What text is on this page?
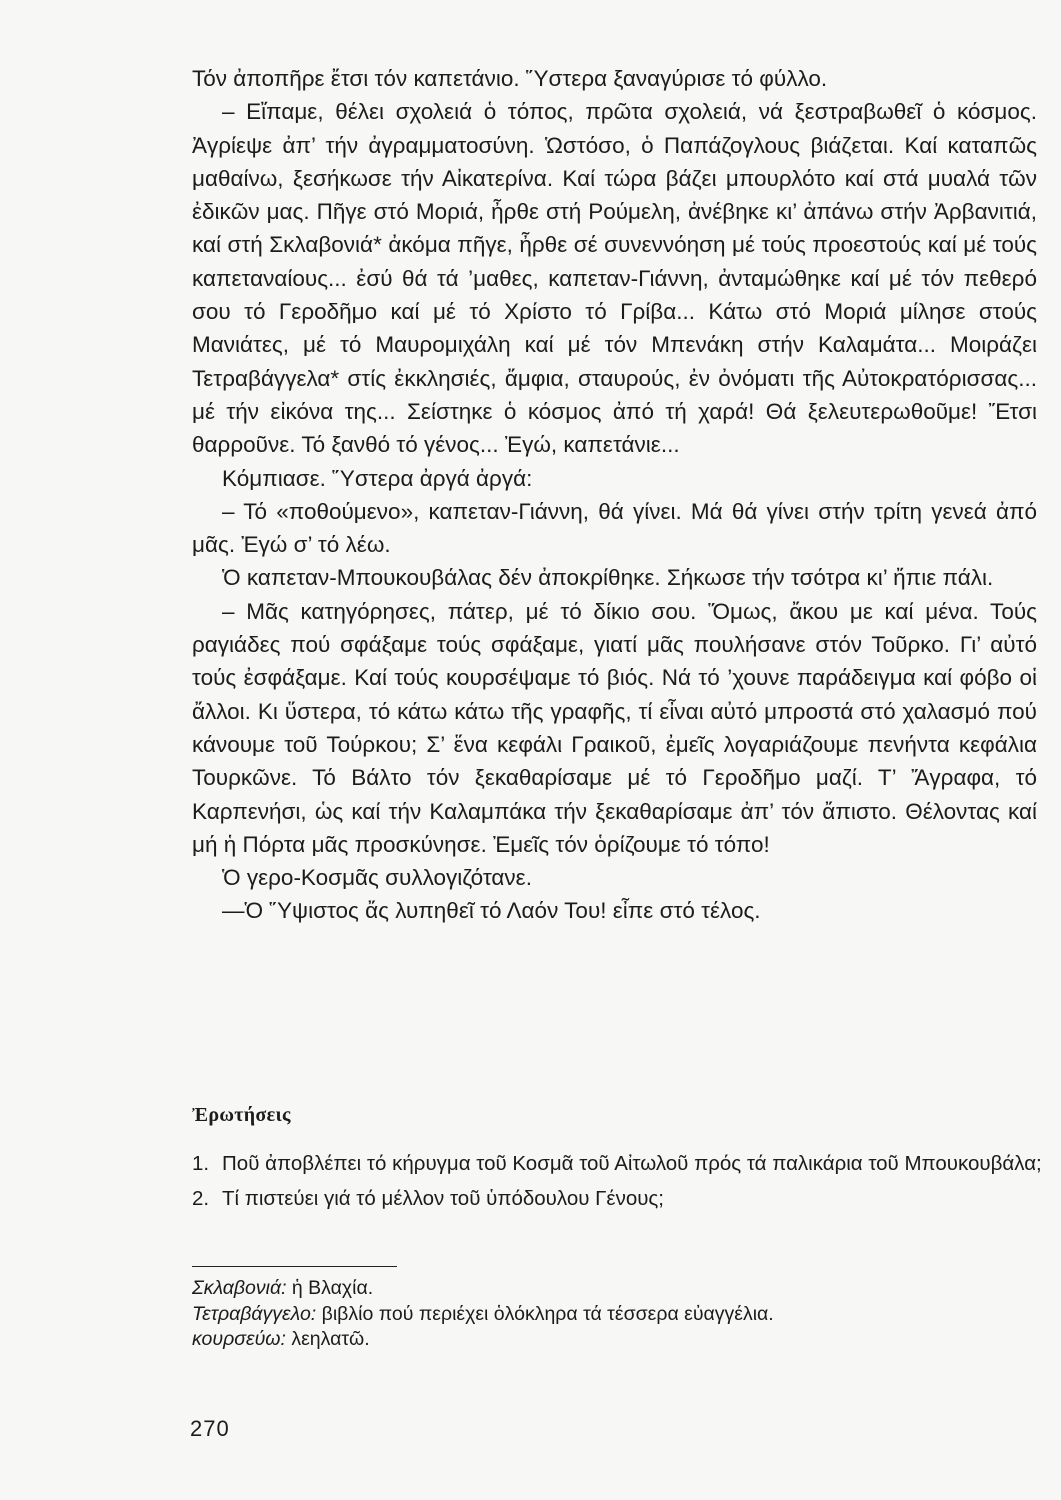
Τόν ἀποπῆρε ἔτσι τόν καπετάνιο. Ὕστερα ξαναγύρισε τό φύλλο.

– Εἴπαμε, θέλει σχολειά ὁ τόπος, πρῶτα σχολειά, νά ξεστραβωθεῖ ὁ κόσμος. Ἀγρίεψε ἀπ’ τήν ἀγραμματοσύνη. Ὡστόσο, ὁ Παπάζογλους βιάζεται. Καί καταπῶς μαθαίνω, ξεσήκωσε τήν Αἰκατερίνα. Καί τώρα βάζει μπουρλότο καί στά μυαλά τῶν ἐδικῶν μας. Πῆγε στό Μοριά, ἦρθε στή Ρούμελη, ἀνέβηκε κι’ ἀπάνω στήν Ἀρβανιτιά, καί στή Σκλαβονιά* ἀκόμα πῆγε, ἦρθε σέ συνεννόηση μέ τούς προεστούς καί μέ τούς καπεταναίους... ἐσύ θά τά ’μαθες, καπεταν-Γιάννη, ἀνταμώθηκε καί μέ τόν πεθερό σου τό Γεροδῆμο καί μέ τό Χρίστο τό Γρίβα... Κάτω στό Μοριά μίλησε στούς Μανιάτες, μέ τό Μαυρομιχάλη καί μέ τόν Μπενάκη στήν Καλαμάτα... Μοιράζει Τετραβάγγελα* στίς ἐκκλησιές, ἄμφια, σταυρούς, ἐν ὀνόματι τῆς Αὐτοκρατόρισσας... μέ τήν εἰκόνα της... Σείστηκε ὁ κόσμος ἀπό τή χαρά! Θά ξελευτερωθοῦμε! Ἔτσι θαρροῦνε. Τό ξανθό τό γένος... Ἐγώ, καπετάνιε...

Κόμπιασε. Ὕστερα ἀργά ἀργά:

– Τό «ποθούμενο», καπεταν-Γιάννη, θά γίνει. Μά θά γίνει στήν τρίτη γενεά ἀπό μᾶς. Ἐγώ σ’ τό λέω.

Ὁ καπεταν-Μπουκουβάλας δέν ἀποκρίθηκε. Σήκωσε τήν τσότρα κι’ ἤπιε πάλι.

– Μᾶς κατηγόρησες, πάτερ, μέ τό δίκιο σου. Ὅμως, ἄκου με καί μένα. Τούς ραγιάδες πού σφάξαμε τούς σφάξαμε, γιατί μᾶς πουλήσανε στόν Τοῦρκο. Γι’ αὐτό τούς ἐσφάξαμε. Καί τούς κουρσέψαμε τό βιός. Νά τό ’χουνε παράδειγμα καί φόβο οἱ ἄλλοι. Κι ὕστερα, τό κάτω κάτω τῆς γραφῆς, τί εἶναι αὐτό μπροστά στό χαλασμό πού κάνουμε τοῦ Τούρκου; Σ’ ἕνα κεφάλι Γραικοῦ, ἐμεῖς λογαριάζουμε πενήντα κεφάλια Τουρκῶνε. Τό Βάλτο τόν ξεκαθαρίσαμε μέ τό Γεροδῆμο μαζί. Τ’ Ἄγραφα, τό Καρπενήσι, ὡς καί τήν Καλαμπάκα τήν ξεκαθαρίσαμε ἀπ’ τόν ἄπιστο. Θέλοντας καί μή ἡ Πόρτα μᾶς προσκύνησε. Ἐμεῖς τόν ὁρίζουμε τό τόπο!

Ὁ γερο-Κοσμᾶς συλλογιζότανε.

—Ὁ Ὕψιστος ἄς λυπηθεῖ τό Λαόν Του! εἶπε στό τέλος.

Ἐρωτήσεις
1. Ποῦ ἀποβλέπει τό κήρυγμα τοῦ Κοσμᾶ τοῦ Αἰτωλοῦ πρός τά παλικάρια τοῦ Μπουκουβάλα;
2. Τί πιστεύει γιά τό μέλλον τοῦ ὑπόδουλου Γένους;

Σκλαβονιά: ἡ Βλαχία.

Τετραβάγγελο: βιβλίο πού περιέχει ὁλόκληρα τά τέσσερα εὐαγγέλια.

κουρσεύω: λεηλατῶ.

270
